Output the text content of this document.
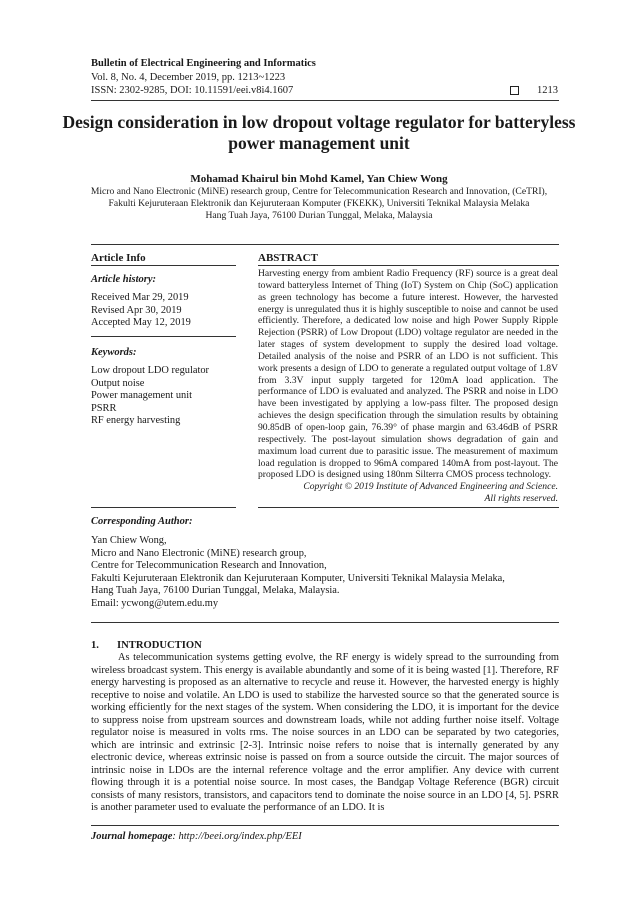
Bulletin of Electrical Engineering and Informatics
Vol. 8, No. 4, December 2019, pp. 1213~1223
ISSN: 2302-9285, DOI: 10.11591/eei.v8i4.1607	1213
Design consideration in low dropout voltage regulator for batteryless power management unit
Mohamad Khairul bin Mohd Kamel, Yan Chiew Wong
Micro and Nano Electronic (MiNE) research group, Centre for Telecommunication Research and Innovation, (CeTRI),
Fakulti Kejuruteraan Elektronik dan Kejuruteraan Komputer (FKEKK), Universiti Teknikal Malaysia Melaka
Hang Tuah Jaya, 76100 Durian Tunggal, Melaka, Malaysia
Article Info	ABSTRACT
Article history:
Received Mar 29, 2019
Revised Apr 30, 2019
Accepted May 12, 2019
Keywords:
Low dropout LDO regulator
Output noise
Power management unit
PSRR
RF energy harvesting
Harvesting energy from ambient Radio Frequency (RF) source is a great deal toward batteryless Internet of Thing (IoT) System on Chip (SoC) application as green technology has become a future interest. However, the harvested energy is unregulated thus it is highly susceptible to noise and cannot be used efficiently. Therefore, a dedicated low noise and high Power Supply Ripple Rejection (PSRR) of Low Dropout (LDO) voltage regulator are needed in the later stages of system development to supply the desired load voltage. Detailed analysis of the noise and PSRR of an LDO is not sufficient. This work presents a design of LDO to generate a regulated output voltage of 1.8V from 3.3V input supply targeted for 120mA load application. The performance of LDO is evaluated and analyzed. The PSRR and noise in LDO have been investigated by applying a low-pass filter. The proposed design achieves the design specification through the simulation results by obtaining 90.85dB of open-loop gain, 76.39° of phase margin and 63.46dB of PSRR respectively. The post-layout simulation shows degradation of gain and maximum load current due to parasitic issue. The measurement of maximum load regulation is dropped to 96mA compared 140mA from post-layout. The proposed LDO is designed using 180nm Silterra CMOS process technology.
Copyright © 2019 Institute of Advanced Engineering and Science.
All rights reserved.
Corresponding Author:
Yan Chiew Wong,
Micro and Nano Electronic (MiNE) research group,
Centre for Telecommunication Research and Innovation,
Fakulti Kejuruteraan Elektronik dan Kejuruteraan Komputer, Universiti Teknikal Malaysia Melaka,
Hang Tuah Jaya, 76100 Durian Tunggal, Melaka, Malaysia.
Email: ycwong@utem.edu.my
1. INTRODUCTION
As telecommunication systems getting evolve, the RF energy is widely spread to the surrounding from wireless broadcast system. This energy is available abundantly and some of it is being wasted [1]. Therefore, RF energy harvesting is proposed as an alternative to recycle and reuse it. However, the harvested energy is highly receptive to noise and volatile. An LDO is used to stabilize the harvested source so that the generated source is working efficiently for the next stages of the system. When considering the LDO, it is important for the device to suppress noise from upstream sources and downstream loads, while not adding further noise itself. Voltage regulator noise is measured in volts rms. The noise sources in an LDO can be separated by two categories, which are intrinsic and extrinsic [2-3]. Intrinsic noise refers to noise that is internally generated by any electronic device, whereas extrinsic noise is passed on from a source outside the circuit. The major sources of intrinsic noise in LDOs are the internal reference voltage and the error amplifier. Any device with current flowing through it is a potential noise source. In most cases, the Bandgap Voltage Reference (BGR) circuit consists of many resistors, transistors, and capacitors tend to dominate the noise source in an LDO [4, 5]. PSRR is another parameter used to evaluate the performance of an LDO. It is
Journal homepage: http://beei.org/index.php/EEI
